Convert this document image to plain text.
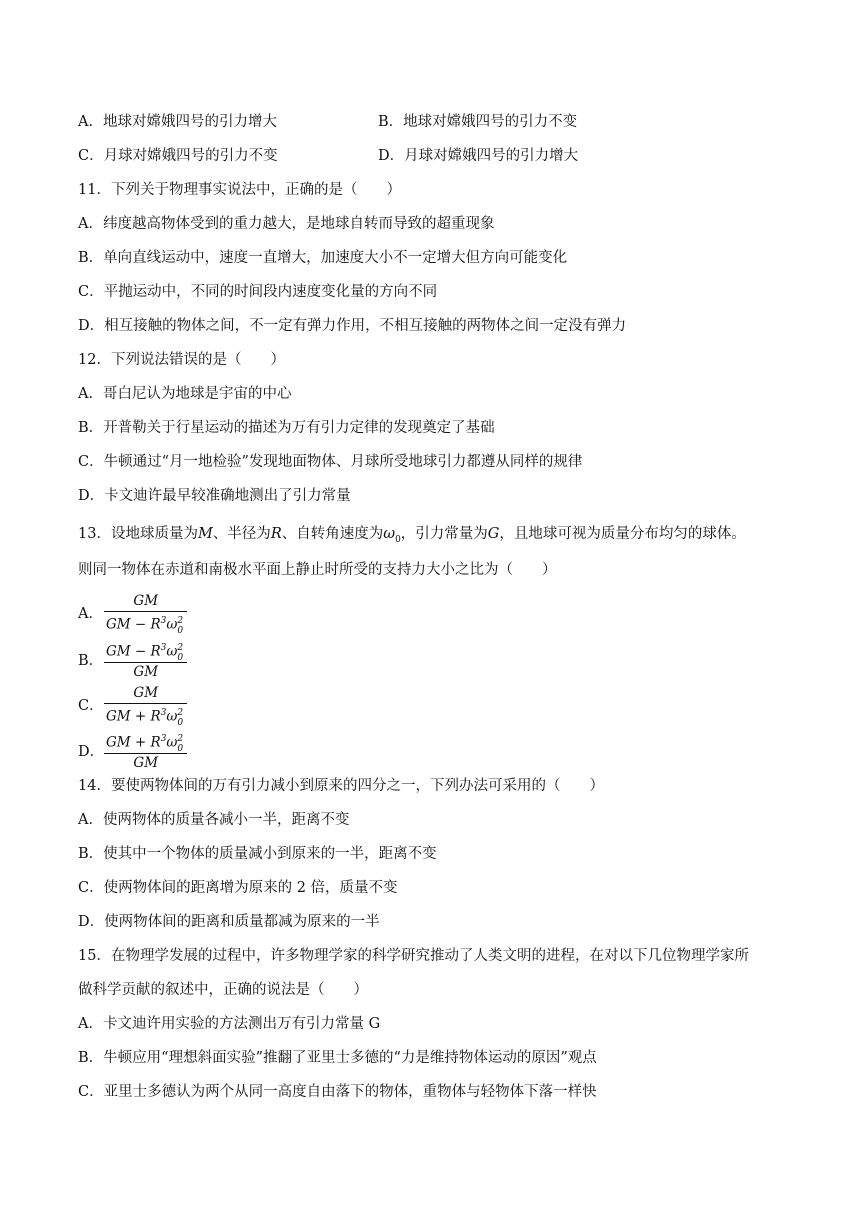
A．地球对嫦娥四号的引力增大	B．地球对嫦娥四号的引力不变
C．月球对嫦娥四号的引力不变	D．月球对嫦娥四号的引力增大
11．下列关于物理事实说法中，正确的是（　　）
A．纬度越高物体受到的重力越大，是地球自转而导致的超重现象
B．单向直线运动中，速度一直增大，加速度大小不一定增大但方向可能变化
C．平抛运动中，不同的时间段内速度变化量的方向不同
D．相互接触的物体之间，不一定有弹力作用，不相互接触的两物体之间一定没有弹力
12．下列说法错误的是（　　）
A．哥白尼认为地球是宇宙的中心
B．开普勒关于行星运动的描述为万有引力定律的发现奠定了基础
C．牛顿通过“月一地检验”发现地面物体、月球所受地球引力都遵从同样的规律
D．卡文迪许最早较准确地测出了引力常量
13．设地球质量为M、半径为R、自转角速度为$\omega_0$，引力常量为G，且地球可视为质量分布均匀的球体。
则同一物体在赤道和南极水平面上静止时所受的支持力大小之比为（　　）
A．
GM
GM − $R^3\omega$ 2
0
B．
GM − $R^3\omega$ 2
0
GM
C．
GM
GM + $R^3\omega$ 2
0
D．
GM + $R^3\omega$ 2
0
GM
14．要使两物体间的万有引力减小到原来的四分之一，下列办法可采用的（　　）
A．使两物体的质量各减小一半，距离不变
B．使其中一个物体的质量减小到原来的一半，距离不变
C．使两物体间的距离增为原来的 2 倍，质量不变
D．使两物体间的距离和质量都减为原来的一半
15．在物理学发展的过程中，许多物理学家的科学研究推动了人类文明的进程，在对以下几位物理学家所
做科学贡献的叙述中，正确的说法是（　　）
A．卡文迪许用实验的方法测出万有引力常量 G
B．牛顿应用“理想斜面实验”推翻了亚里士多德的“力是维持物体运动的原因”观点
C．亚里士多德认为两个从同一高度自由落下的物体，重物体与轻物体下落一样快
